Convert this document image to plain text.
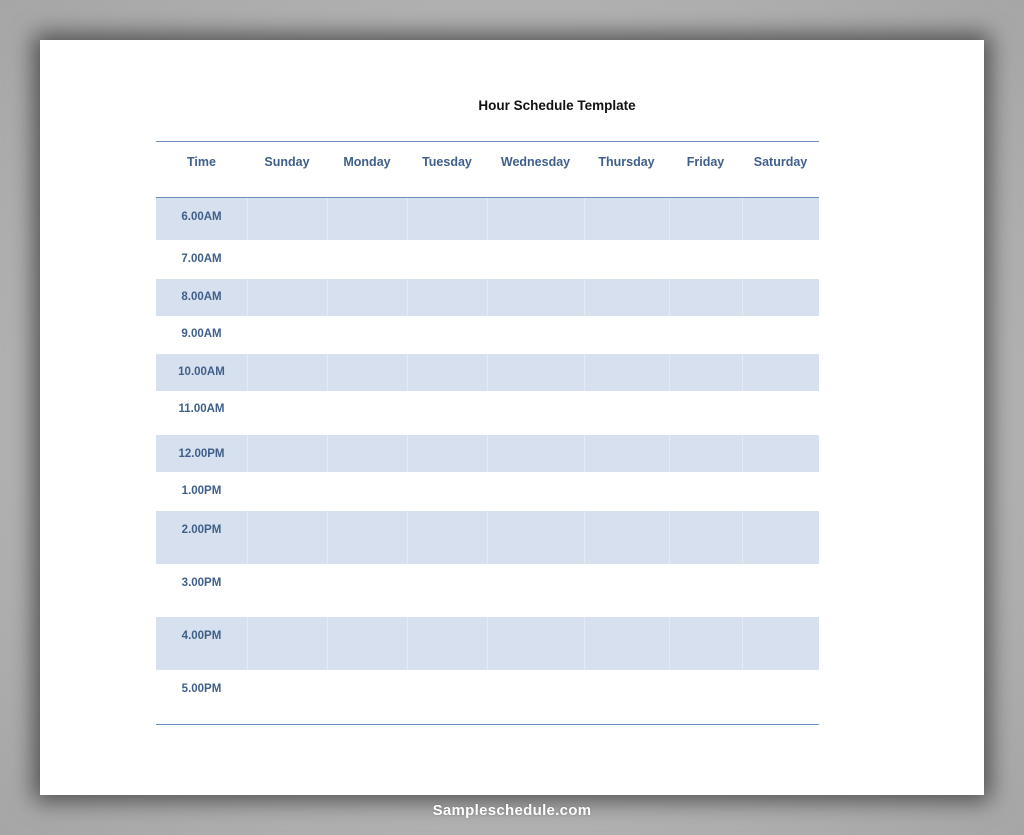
Hour Schedule Template
Time	Sunday	Monday	Tuesday	Wednesday	Thursday	Friday	Saturday
6.00AM
7.00AM
8.00AM
9.00AM
10.00AM
11.00AM
12.00PM
1.00PM
2.00PM
3.00PM
4.00PM
5.00PM
Sampleschedule.com
